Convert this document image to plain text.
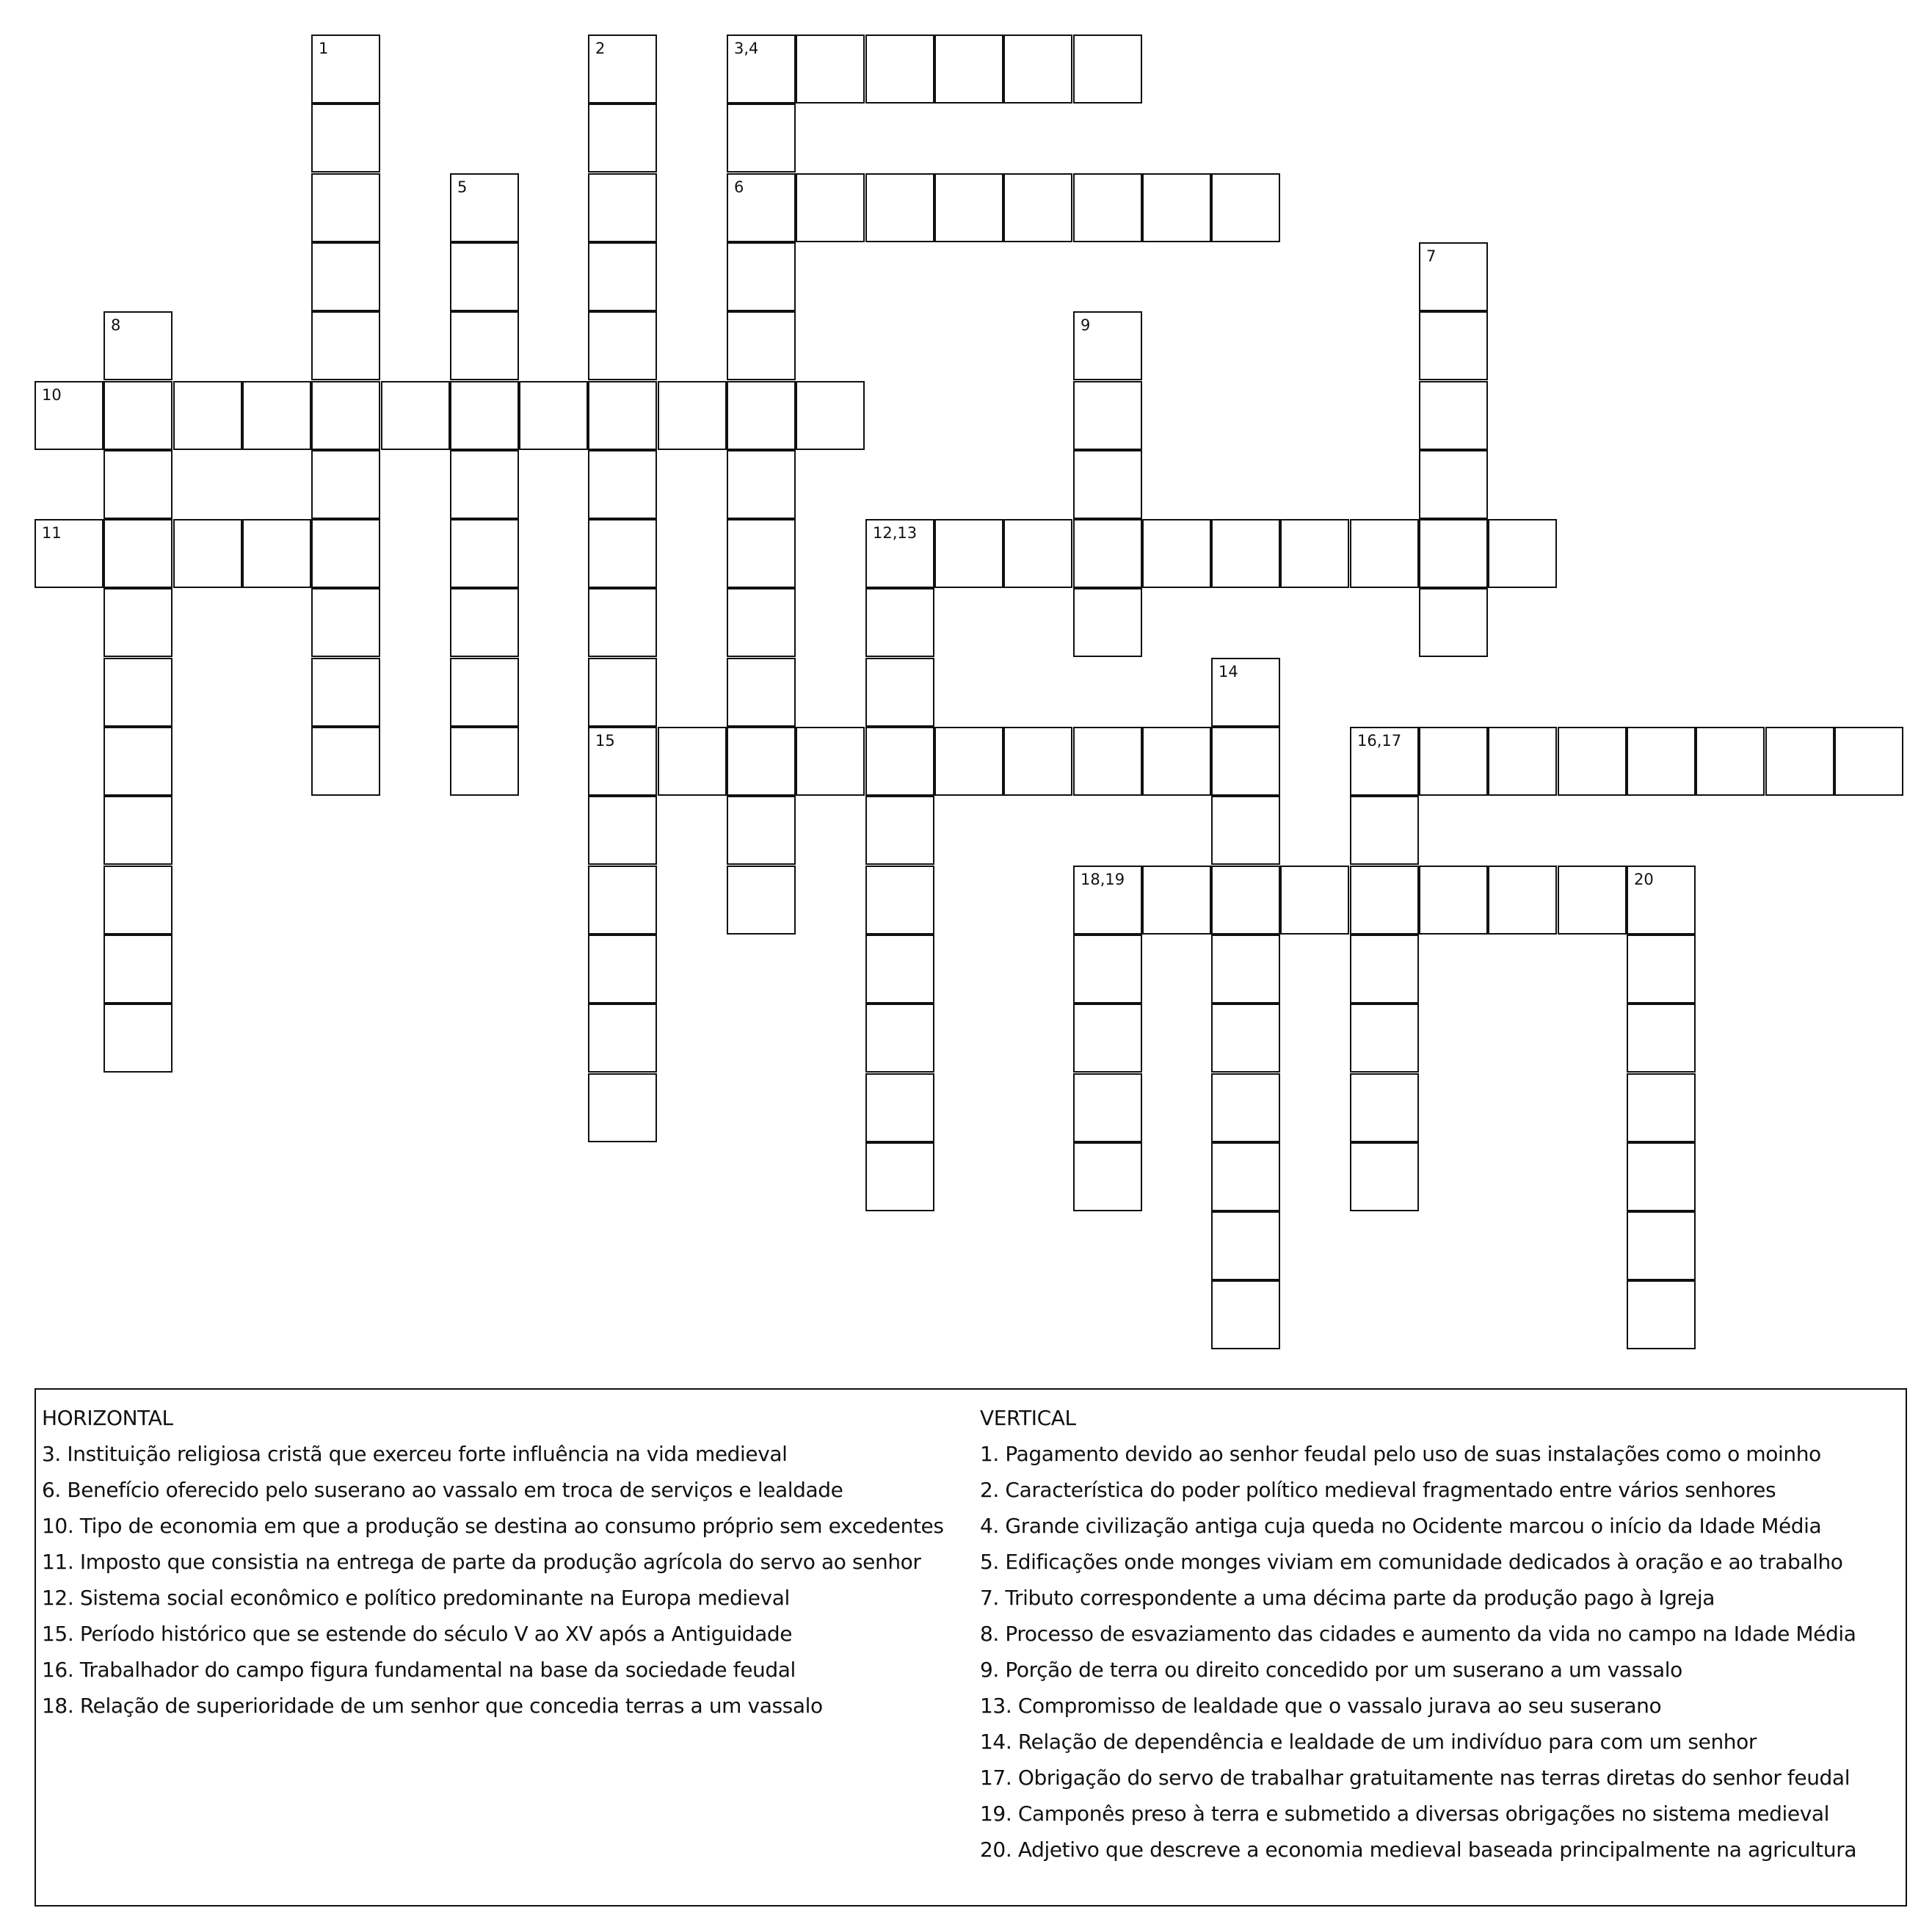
1	2	3,4
5	6
7
8	9
10
11	12,13
14
15	16,17
18,19	20
HORIZONTAL
3. Instituição religiosa cristã que exerceu forte influência na vida medieval
6. Benefício oferecido pelo suserano ao vassalo em troca de serviços e lealdade
10. Tipo de economia em que a produção se destina ao consumo próprio sem excedentes
11. Imposto que consistia na entrega de parte da produção agrícola do servo ao senhor
12. Sistema social econômico e político predominante na Europa medieval
15. Período histórico que se estende do século V ao XV após a Antiguidade
16. Trabalhador do campo figura fundamental na base da sociedade feudal
18. Relação de superioridade de um senhor que concedia terras a um vassalo
VERTICAL
1. Pagamento devido ao senhor feudal pelo uso de suas instalações como o moinho
2. Característica do poder político medieval fragmentado entre vários senhores
4. Grande civilização antiga cuja queda no Ocidente marcou o início da Idade Média
5. Edificações onde monges viviam em comunidade dedicados à oração e ao trabalho
7. Tributo correspondente a uma décima parte da produção pago à Igreja
8. Processo de esvaziamento das cidades e aumento da vida no campo na Idade Média
9. Porção de terra ou direito concedido por um suserano a um vassalo
13. Compromisso de lealdade que o vassalo jurava ao seu suserano
14. Relação de dependência e lealdade de um indivíduo para com um senhor
17. Obrigação do servo de trabalhar gratuitamente nas terras diretas do senhor feudal
19. Camponês preso à terra e submetido a diversas obrigações no sistema medieval
20. Adjetivo que descreve a economia medieval baseada principalmente na agricultura
